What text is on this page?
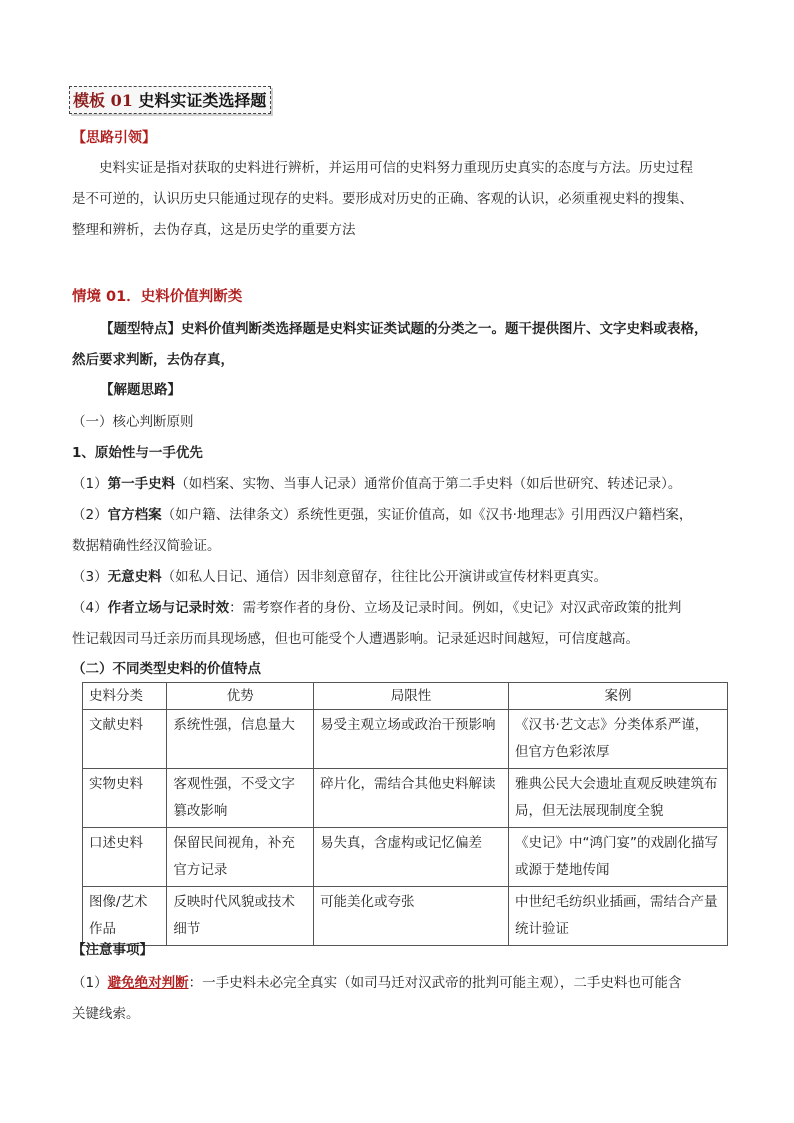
模板 01 史料实证类选择题
【思路引领】
史料实证是指对获取的史料进行辨析，并运用可信的史料努力重现历史真实的态度与方法。历史过程
是不可逆的，认识历史只能通过现存的史料。要形成对历史的正确、客观的认识，必须重视史料的搜集、
整理和辨析，去伪存真，这是历史学的重要方法
情境 01．史料价值判断类
【题型特点】史料价值判断类选择题是史料实证类试题的分类之一。题干提供图片、文字史料或表格，
然后要求判断，去伪存真，
【解题思路】
（一）核心判断原则
1、原始性与一手优先
（1）第一手史料（如档案、实物、当事人记录）通常价值高于第二手史料（如后世研究、转述记录）。
（2）官方档案（如户籍、法律条文）系统性更强，实证价值高，如《汉书·地理志》引用西汉户籍档案，
数据精确性经汉简验证。
（3）无意史料（如私人日记、通信）因非刻意留存，往往比公开演讲或宣传材料更真实。
（4）作者立场与记录时效：需考察作者的身份、立场及记录时间。例如，《史记》对汉武帝政策的批判
性记载因司马迁亲历而具现场感，但也可能受个人遭遇影响。记录延迟时间越短，可信度越高。
（二）不同类型史料的价值特点
史料分类	优势	局限性	案例
文献史料	系统性强，信息量大	易受主观立场或政治干预影响	《汉书·艺文志》分类体系严谨，但官方色彩浓厚
实物史料	客观性强，不受文字篡改影响	碎片化，需结合其他史料解读	雅典公民大会遗址直观反映建筑布局，但无法展现制度全貌
口述史料	保留民间视角，补充官方记录	易失真，含虚构或记忆偏差	《史记》中“鸿门宴”的戏剧化描写或源于楚地传闻
图像/艺术作品	反映时代风貌或技术细节	可能美化或夸张	中世纪毛纺织业插画，需结合产量统计验证
【注意事项】
（1）避免绝对判断：一手史料未必完全真实（如司马迁对汉武帝的批判可能主观），二手史料也可能含
关键线索。
